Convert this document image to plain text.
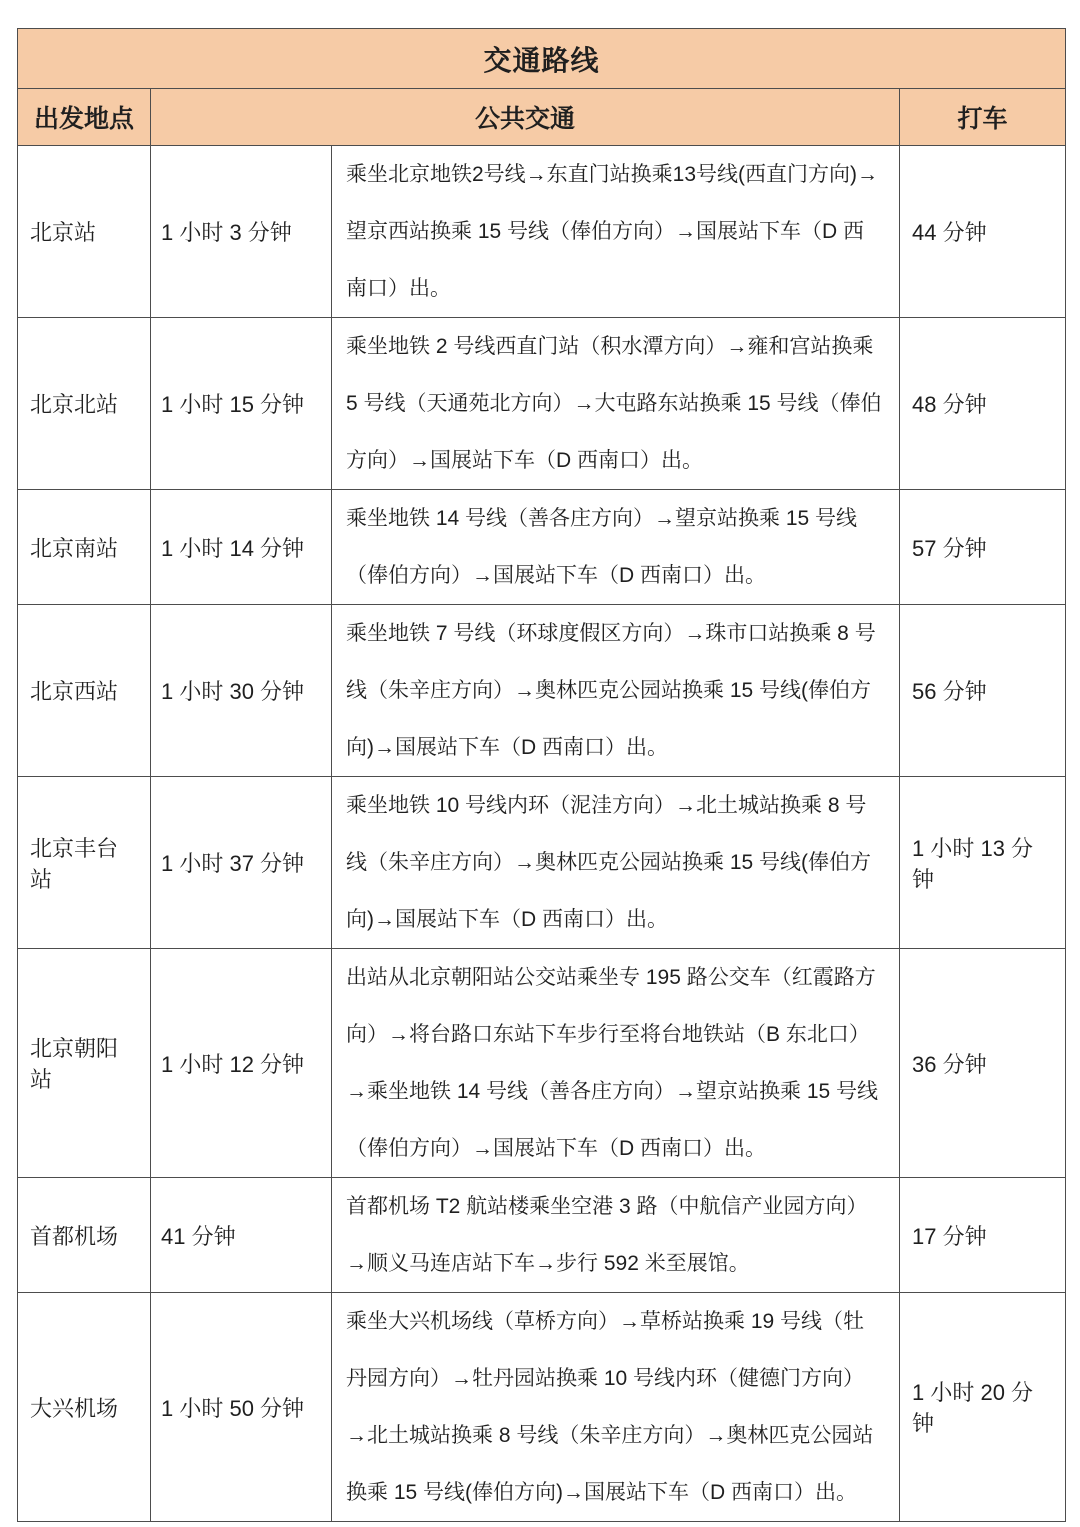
交通路线			
出发地点	公共交通		打车
北京站	1 小时 3 分钟	乘坐北京地铁2号线→东直门站换乘13号线(西直门方向)→望京西站换乘 15 号线（俸伯方向）→国展站下车（D 西南口）出。	44 分钟
北京北站	1 小时 15 分钟	乘坐地铁 2 号线西直门站（积水潭方向）→雍和宫站换乘 5 号线（天通苑北方向）→大屯路东站换乘 15 号线（俸伯方向）→国展站下车（D 西南口）出。	48 分钟
北京南站	1 小时 14 分钟	乘坐地铁 14 号线（善各庄方向）→望京站换乘 15 号线（俸伯方向）→国展站下车（D 西南口）出。	57 分钟
北京西站	1 小时 30 分钟	乘坐地铁 7 号线（环球度假区方向）→珠市口站换乘 8 号线（朱辛庄方向）→奥林匹克公园站换乘 15 号线(俸伯方向)→国展站下车（D 西南口）出。	56 分钟
北京丰台站	1 小时 37 分钟	乘坐地铁 10 号线内环（泥洼方向）→北土城站换乘 8 号线（朱辛庄方向）→奥林匹克公园站换乘 15 号线(俸伯方向)→国展站下车（D 西南口）出。	1 小时 13 分钟
北京朝阳站	1 小时 12 分钟	出站从北京朝阳站公交站乘坐专 195 路公交车（红霞路方向）→将台路口东站下车步行至将台地铁站（B 东北口）→乘坐地铁 14 号线（善各庄方向）→望京站换乘 15 号线（俸伯方向）→国展站下车（D 西南口）出。	36 分钟
首都机场	41 分钟	首都机场 T2 航站楼乘坐空港 3 路（中航信产业园方向）→顺义马连店站下车→步行 592 米至展馆。	17 分钟
大兴机场	1 小时 50 分钟	乘坐大兴机场线（草桥方向）→草桥站换乘 19 号线（牡丹园方向）→牡丹园站换乘 10 号线内环（健德门方向）→北土城站换乘 8 号线（朱辛庄方向）→奥林匹克公园站换乘 15 号线(俸伯方向)→国展站下车（D 西南口）出。	1 小时 20 分钟
